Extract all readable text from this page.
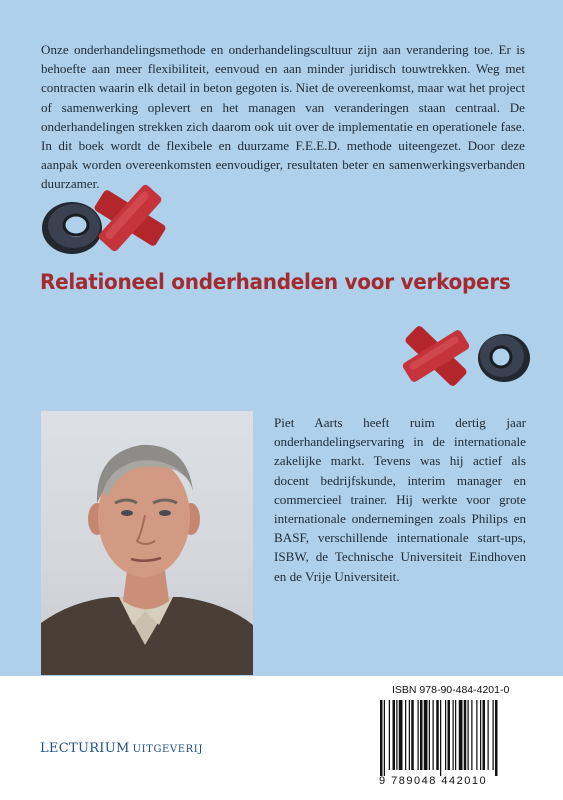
Onze onderhandelingsmethode en onderhandelingscultuur zijn aan verandering toe. Er is behoefte aan meer flexibiliteit, eenvoud en aan minder juridisch touwtrekken. Weg met contracten waarin elk detail in beton gegoten is. Niet de overeenkomst, maar wat het project of samenwerking oplevert en het managen van veranderingen staan centraal. De onderhandelingen strekken zich daarom ook uit over de implementatie en operationele fase. In dit boek wordt de flexibele en duurzame F.E.E.D. methode uiteengezet. Door deze aanpak worden overeenkomsten eenvoudiger, resultaten beter en samenwerkingsverbanden duurzamer.

Relationeel onderhandelen voor verkopers

Piet Aarts heeft ruim dertig jaar onderhandelingservaring in de internationale zakelijke markt. Tevens was hij actief als docent bedrijfskunde, interim manager en commercieel trainer. Hij werkte voor grote internationale ondernemingen zoals Philips en BASF, verschillende internationale start-ups, ISBW, de Technische Universiteit Eindhoven en de Vrije Universiteit.

LECTURIUM UITGEVERIJ
ISBN 978-90-484-4201-0
9 789048 442010
